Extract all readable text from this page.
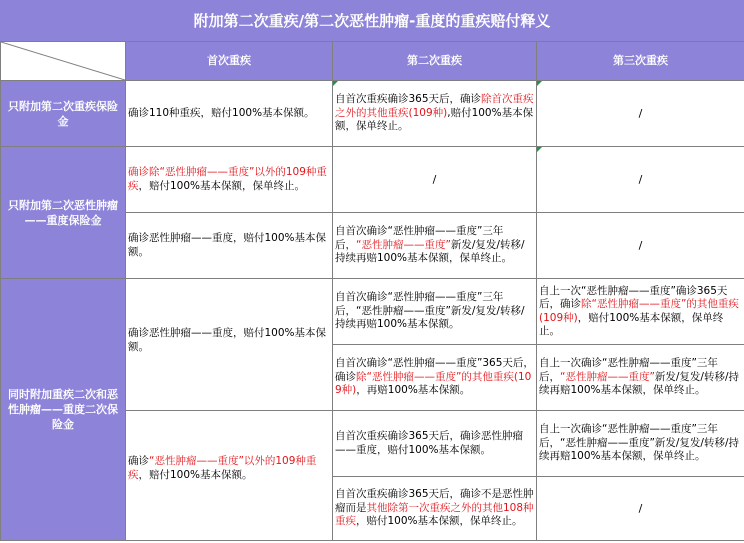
附加第二次重疾/第二次恶性肿瘤-重度的重疾赔付释义
	首次重疾	第二次重疾	第三次重疾
只附加第二次重疾保险金	确诊110种重疾，赔付100%基本保额。	自首次重疾确诊365天后，确诊除首次重疾之外的其他重疾(109种),赔付100%基本保额，保单终止。	/
只附加第二次恶性肿瘤——重度保险金	确诊除“恶性肿瘤——重度”以外的109种重疾，赔付100%基本保额，保单终止。	/	/
	确诊恶性肿瘤——重度，赔付100%基本保额。	自首次确诊“恶性肿瘤——重度”三年后，“恶性肿瘤——重度”新发/复发/转移/持续再赔100%基本保额，保单终止。	/
同时附加重疾二次和恶性肿瘤——重度二次保险金	确诊恶性肿瘤——重度，赔付100%基本保额。	自首次确诊“恶性肿瘤——重度”三年后，“恶性肿瘤——重度”新发/复发/转移/持续再赔100%基本保额。	自上一次“恶性肿瘤——重度”确诊365天后，确诊除“恶性肿瘤——重度”的其他重疾(109种)，赔付100%基本保额，保单终止。
		自首次确诊“恶性肿瘤——重度”365天后，确诊除“恶性肿瘤——重度”的其他重疾(109种)，再赔100%基本保额。	自上一次确诊“恶性肿瘤——重度”三年后，“恶性肿瘤——重度”新发/复发/转移/持续再赔100%基本保额，保单终止。
	确诊“恶性肿瘤——重度”以外的109种重疾，赔付100%基本保额。	自首次重疾确诊365天后，确诊恶性肿瘤——重度，赔付100%基本保额。	自上一次确诊“恶性肿瘤——重度”三年后，“恶性肿瘤——重度”新发/复发/转移/持续再赔100%基本保额，保单终止。
		自首次重疾确诊365天后，确诊不是恶性肿瘤而是其他除第一次重疾之外的其他108种重疾，赔付100%基本保额，保单终止。	/
